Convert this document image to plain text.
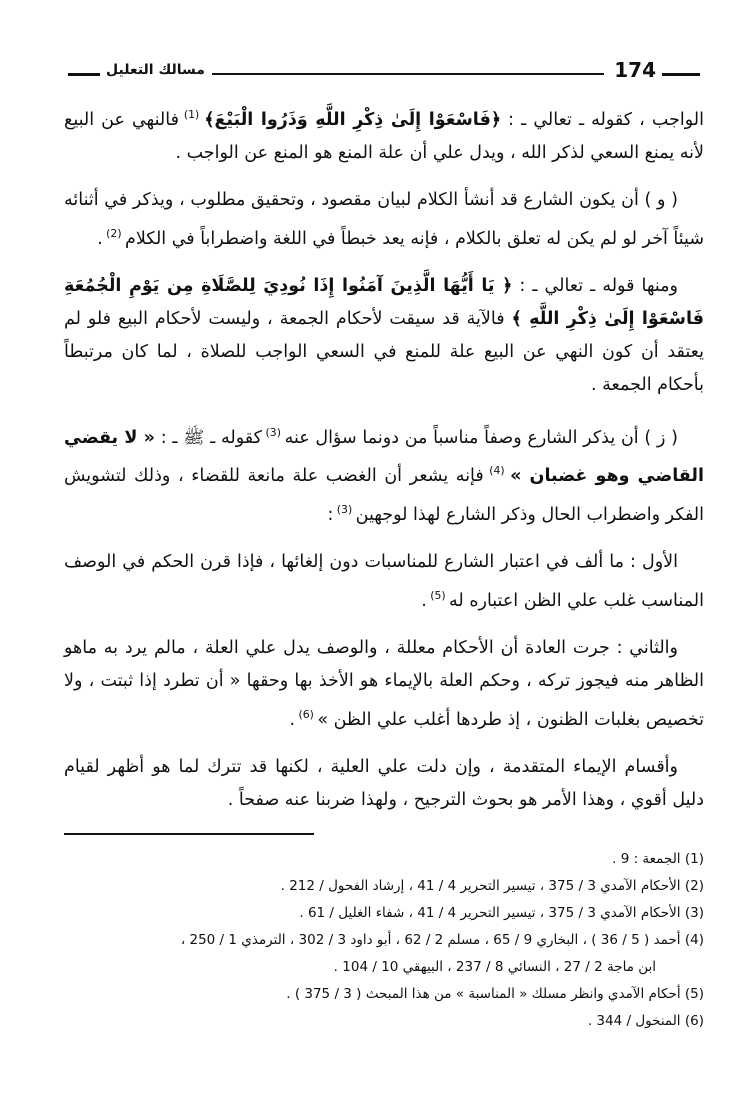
174
مسالك التعليل

الواجب ، كقوله ـ تعالي ـ : ﴿فَاسْعَوْا إِلَىٰ ذِكْرِ اللَّهِ وَذَرُوا الْبَيْعَ﴾ $^{(1)}$ فالنهي عن البيع لأنه يمنع السعي لذكر الله ، ويدل علي أن علة المنع هو المنع عن الواجب .

( و ) أن يكون الشارع قد أنشأ الكلام لبيان مقصود ، وتحقيق مطلوب ، ويذكر في أثنائه شيئاً آخر لو لم يكن له تعلق بالكلام ، فإنه يعد خبطاً في اللغة واضطراباً في الكلام $^{(2)}$ .

ومنها قوله ـ تعالي ـ : ﴿ يَا أَيُّهَا الَّذِينَ آمَنُوا إِذَا نُودِيَ لِلصَّلَاةِ مِن يَوْمِ الْجُمُعَةِ فَاسْعَوْا إِلَىٰ ذِكْرِ اللَّهِ ﴾ فالآية قد سيقت لأحكام الجمعة ، وليست لأحكام البيع فلو لم يعتقد أن كون النهي عن البيع علة للمنع في السعي الواجب للصلاة ، لما كان مرتبطاً بأحكام الجمعة .

( ز ) أن يذكر الشارع وصفاً مناسباً من دونما سؤال عنه $^{(3)}$ كقوله ـ ﷺ ـ : « لا يقضي القاضي وهو غضبان » $^{(4)}$ فإنه يشعر أن الغضب علة مانعة للقضاء ، وذلك لتشويش الفكر واضطراب الحال وذكر الشارع لهذا لوجهين $^{(3)}$ :

الأول : ما ألف في اعتبار الشارع للمناسبات دون إلغائها ، فإذا قرن الحكم في الوصف المناسب غلب علي الظن اعتباره له $^{(5)}$ .

والثاني : جرت العادة أن الأحكام معللة ، والوصف يدل علي العلة ، مالم يرد به ماهو الظاهر منه فيجوز تركه ، وحكم العلة بالإيماء هو الأخذ بها وحقها « أن تطرد إذا ثبتت ، ولا تخصيص بغلبات الظنون ، إذ طردها أغلب علي الظن » $^{(6)}$ .

وأقسام الإيماء المتقدمة ، وإن دلت علي العلية ، لكنها قد تترك لما هو أظهر لقيام دليل أقوي ، وهذا الأمر هو بحوث الترجيح ، ولهذا ضربنا عنه صفحاً .

(1) الجمعة : 9 .
(2) الأحكام الآمدي 3 / 375 ، تيسير التحرير 4 / 41 ، إرشاد الفحول / 212 .
(3) الأحكام الآمدي 3 / 375 ، تيسير التحرير 4 / 41 ، شفاء الغليل / 61 .
(4) أحمد ( 5 / 36 ) ، البخاري 9 / 65 ، مسلم 2 / 62 ، أبو داود 3 / 302 ، الترمذي 1 / 250 ،
ابن ماجة 2 / 27 ، النسائي 8 / 237 ، البيهقي 10 / 104 .
(5) أحكام الآمدي وانظر مسلك « المناسبة » من هذا المبحث ( 3 / 375 ) .
(6) المنخول / 344 .
